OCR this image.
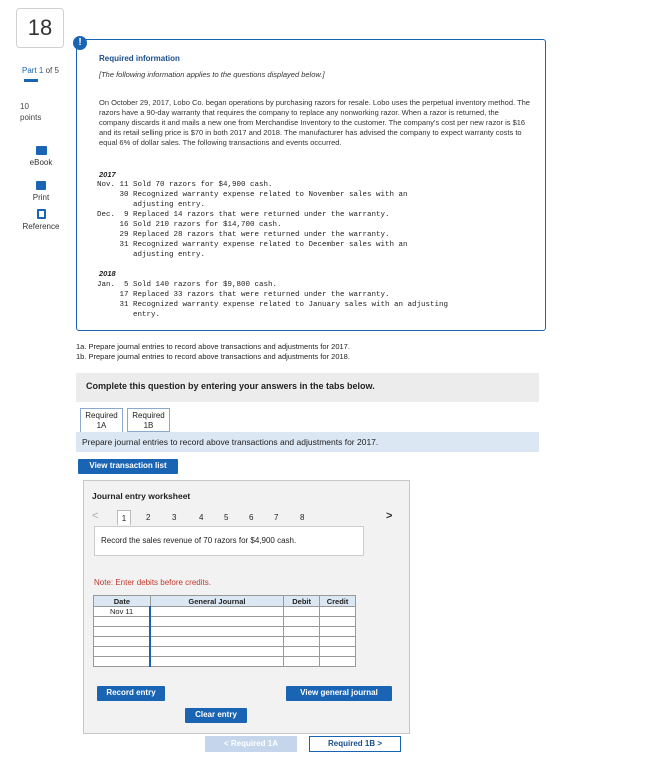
18
Part 1 of 5
10
points
eBook
Print
Reference
Required information
[The following information applies to the questions displayed below.]
On October 29, 2017, Lobo Co. began operations by purchasing razors for resale. Lobo uses the perpetual inventory method. The razors have a 90-day warranty that requires the company to replace any nonworking razor. When a razor is returned, the company discards it and mails a new one from Merchandise Inventory to the customer. The company's cost per new razor is $16 and its retail selling price is $70 in both 2017 and 2018. The manufacturer has advised the company to expect warranty costs to equal 6% of dollar sales. The following transactions and events occurred.
2017
Nov. 11 Sold 70 razors for $4,900 cash.
30 Recognized warranty expense related to November sales with an
adjusting entry.
Dec.  9 Replaced 14 razors that were returned under the warranty.
16 Sold 210 razors for $14,700 cash.
29 Replaced 28 razors that were returned under the warranty.
31 Recognized warranty expense related to December sales with an
adjusting entry.
2018
Jan.  5 Sold 140 razors for $9,800 cash.
17 Replaced 33 razors that were returned under the warranty.
31 Recognized warranty expense related to January sales with an adjusting
entry.
!
1a. Prepare journal entries to record above transactions and adjustments for 2017.
1b. Prepare journal entries to record above transactions and adjustments for 2018.
Complete this question by entering your answers in the tabs below.
Required
1A
Required
1B
Prepare journal entries to record above transactions and adjustments for 2017.
View transaction list
Journal entry worksheet
<	1	2	3	4	5	6	7	8	>
Record the sales revenue of 70 razors for $4,900 cash.
Note: Enter debits before credits.
Date	General Journal	Debit	Credit
Nov 11			

Record entry
Clear entry
View general journal
< Required 1A	Required 1B >
